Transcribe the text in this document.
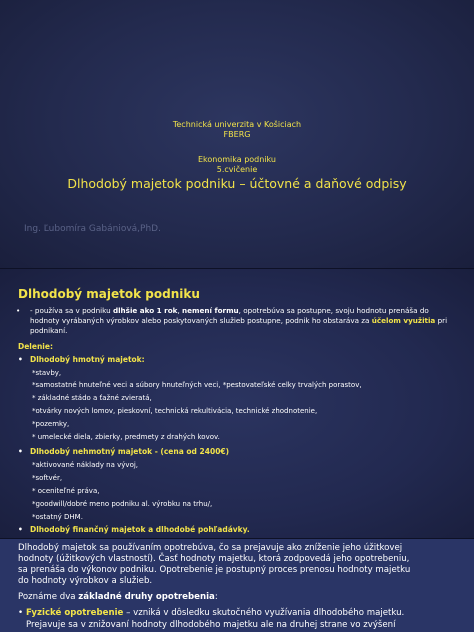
Technická univerzita v Košiciach
FBERG
Ekonomika podniku
5.cvičenie
Dlhodobý majetok podniku – účtovné a daňové odpisy
Ing. Ľubomíra Gabániová,PhD.
Dlhodobý majetok podniku
• - používa sa v podniku dlhšie ako 1 rok, nemení formu, opotrebúva sa postupne, svoju hodnotu prenáša do hodnoty vyrábaných výrobkov alebo poskytovaných služieb postupne, podnik ho obstaráva za účelom využitia pri podnikaní.
Delenie:
• Dlhodobý hmotný majetok:
*stavby,
*samostatné hnuteľné veci a súbory hnuteľných veci, *pestovateľské celky trvalých porastov,
* základné stádo a ťažné zvieratá,
*otvárky nových lomov, pieskovní, technická rekultivácia, technické zhodnotenie,
*pozemky,
* umelecké diela, zbierky, predmety z drahých kovov.
• Dlhodobý nehmotný majetok - (cena od 2400€)
*aktivované náklady na vývoj,
*softvér,
* oceniteľné práva,
*goodwill/dobré meno podniku al. výrobku na trhu/,
*ostatný DHM.
• Dlhodobý finančný majetok a dlhodobé pohľadávky.
Dlhodobý majetok sa používaním opotrebúva, čo sa prejavuje ako zníženie jeho úžitkovej
hodnoty (úžitkových vlastností). Časť hodnoty majetku, ktorá zodpovedá jeho opotrebeniu,
sa prenáša do výkonov podniku. Opotrebenie je postupný proces prenosu hodnoty majetku
do hodnoty výrobkov a služieb.
Poznáme dva základné druhy opotrebenia:
• Fyzické opotrebenie – vzniká v dôsledku skutočného využívania dlhodobého majetku.
Prejavuje sa v znižovaní hodnoty dlhodobého majetku ale na druhej strane vo zvýšení
